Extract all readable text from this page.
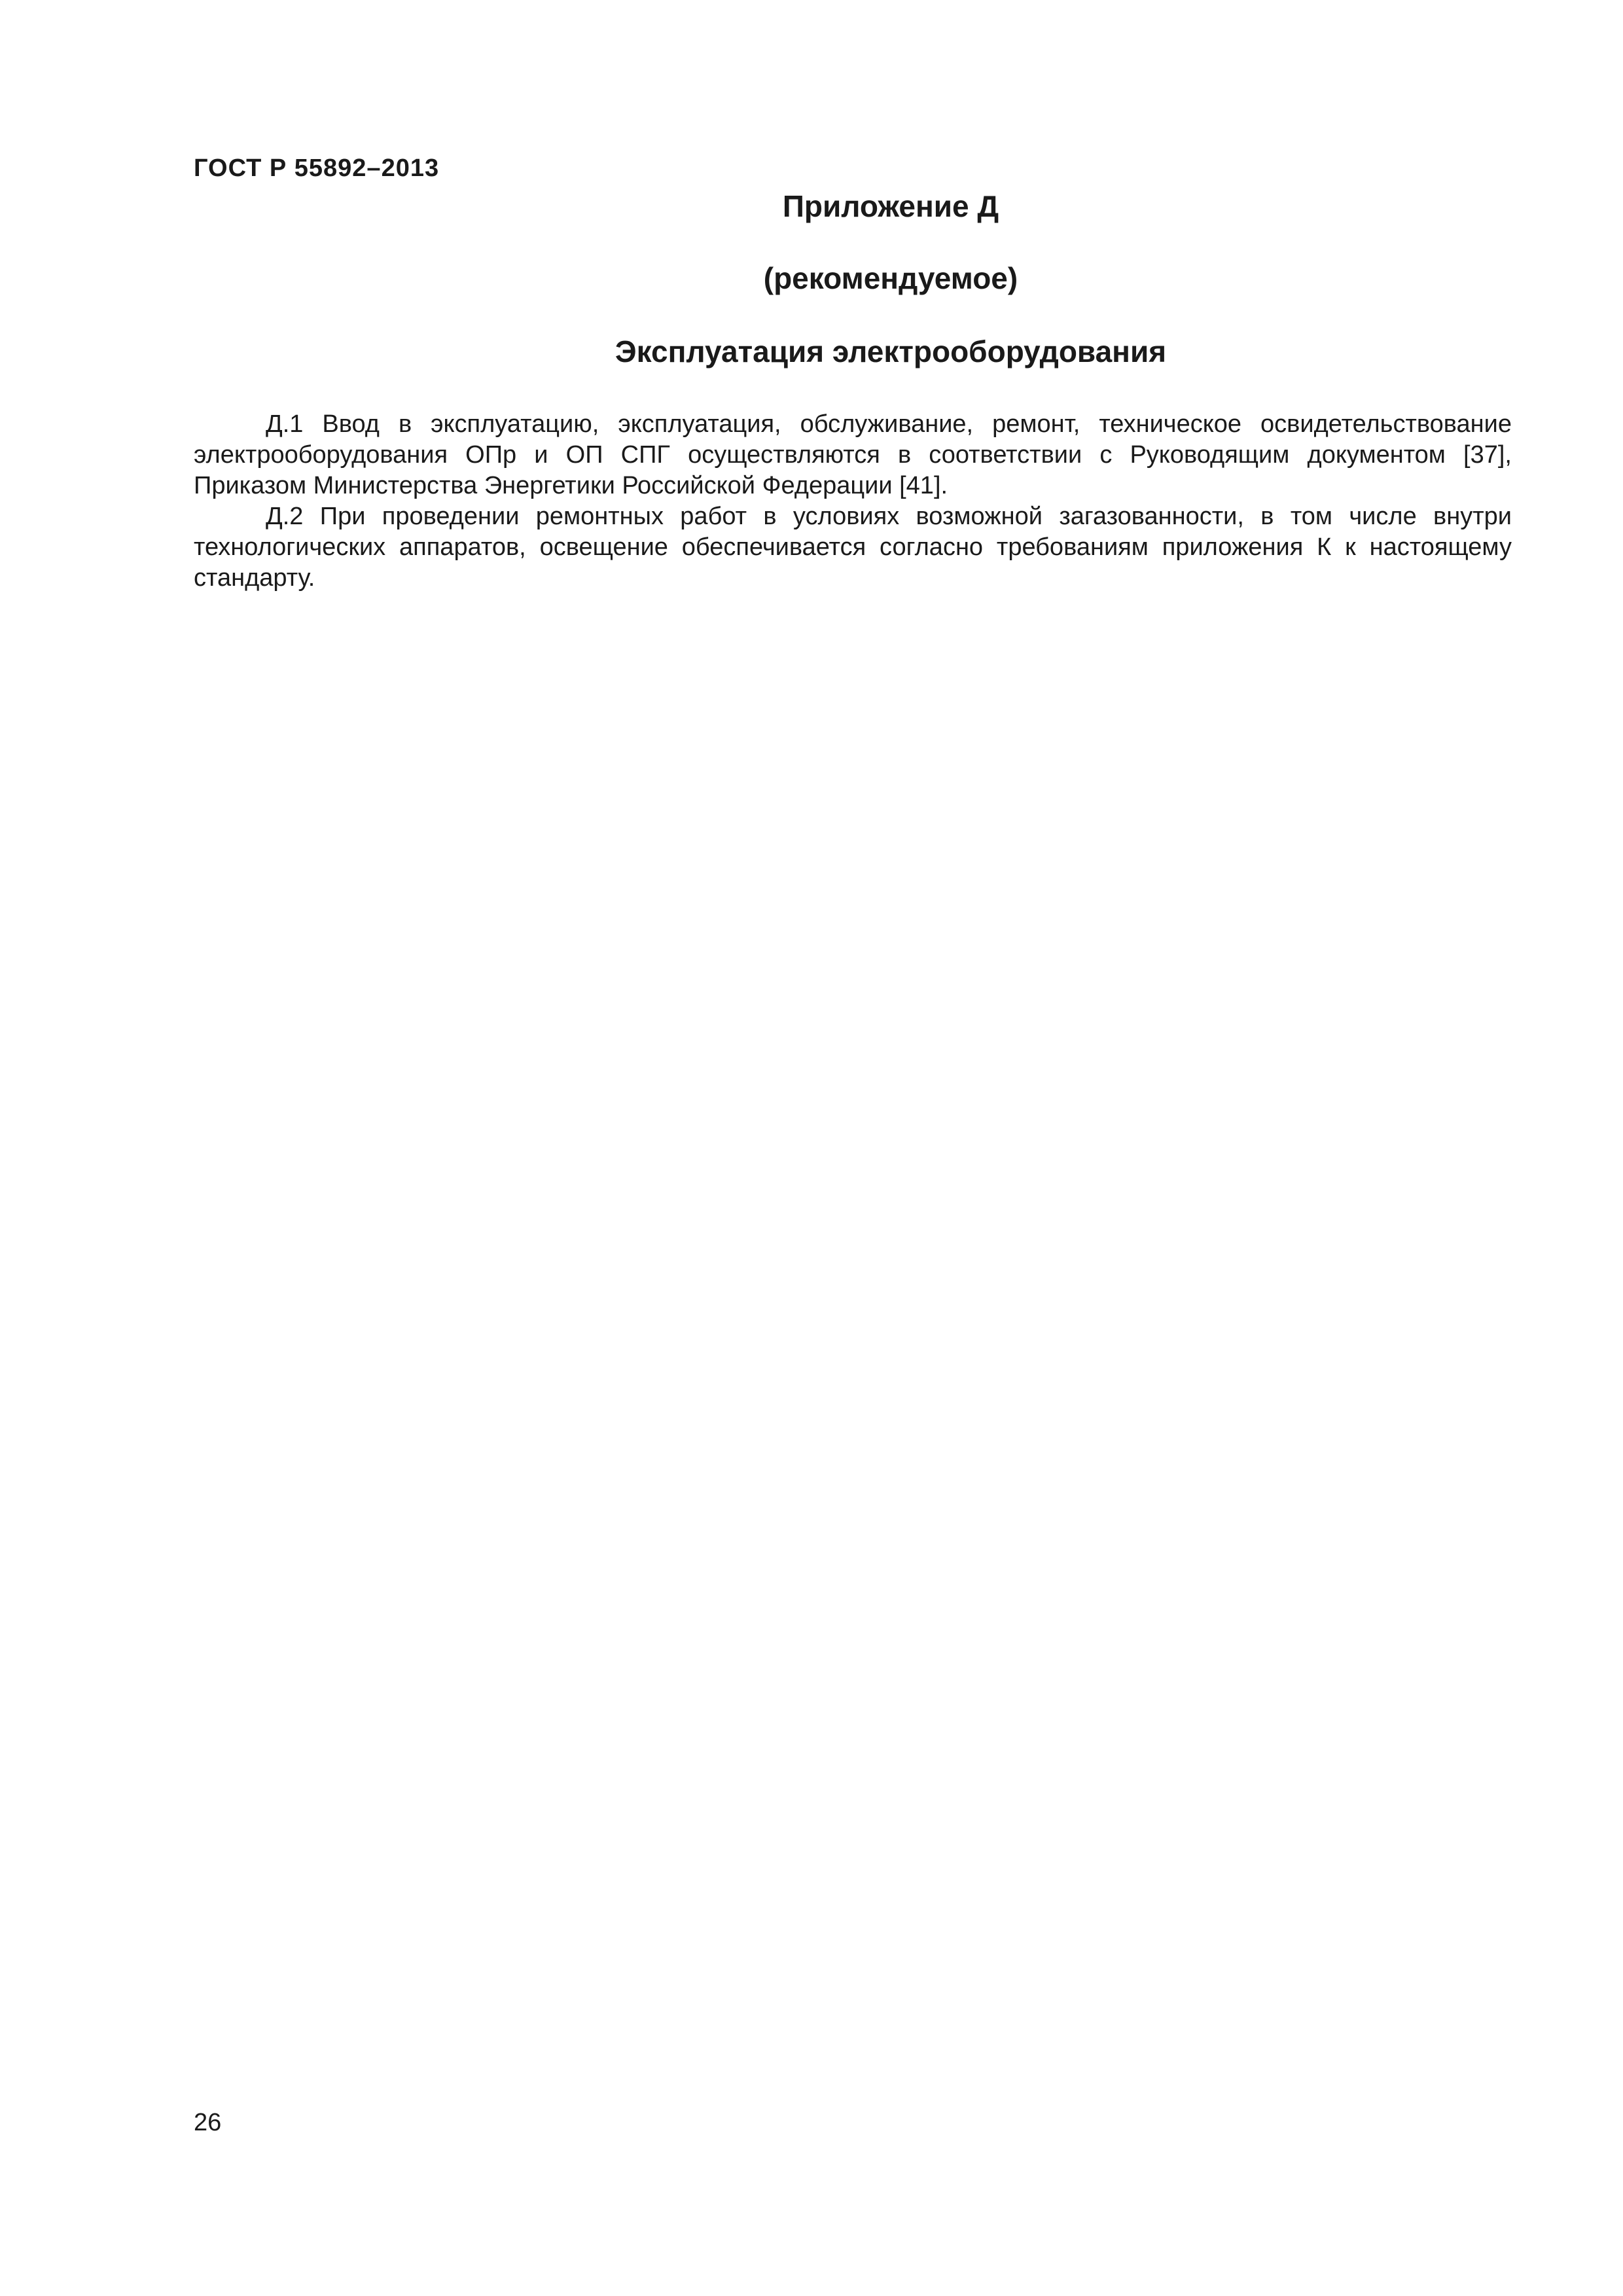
ГОСТ Р 55892–2013
Приложение Д
(рекомендуемое)
Эксплуатация электрооборудования

Д.1 Ввод в эксплуатацию, эксплуатация, обслуживание, ремонт, техническое освидетельствование электрооборудования ОПр и ОП СПГ осуществляются в соответствии с Руководящим документом [37], Приказом Министерства Энергетики Российской Федерации [41].

Д.2 При проведении ремонтных работ в условиях возможной загазованности, в том числе внутри технологических аппаратов, освещение обеспечивается согласно требованиям приложения К к настоящему стандарту.

26
